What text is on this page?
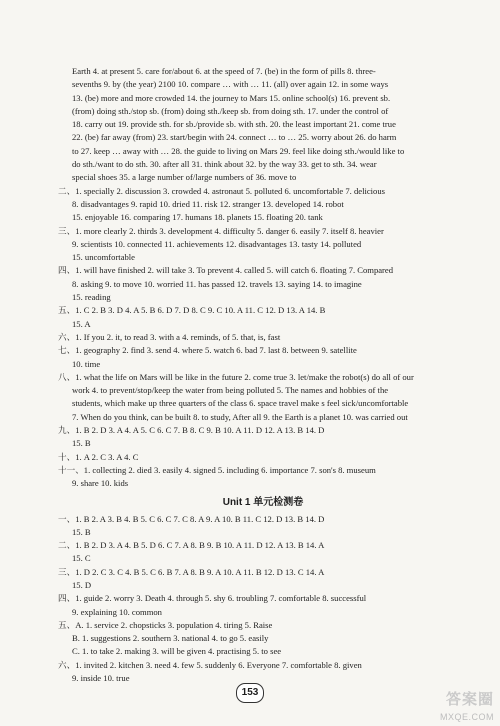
Earth 4. at present 5. care for/about 6. at the speed of 7. (be) in the form of pills 8. three-
sevenths 9. by (the year) 2100 10. compare … with … 11. (all) over again 12. in some ways
13. (be) more and more crowded 14. the journey to Mars 15. online school(s) 16. prevent sb.
(from) doing sth./stop sb. (from) doing sth./keep sb. from doing sth. 17. under the control of
18. carry out 19. provide sth. for sb./provide sb. with sth. 20. the least important 21. come true
22. (be) far away (from) 23. start/begin with 24. connect … to … 25. worry about 26. do harm
to 27. keep … away with … 28. the guide to living on Mars 29. feel like doing sth./would like to
do sth./want to do sth. 30. after all 31. think about 32. by the way 33. get to sth. 34. wear
special shoes 35. a large number of/large numbers of 36. move to
二、1. specially 2. discussion 3. crowded 4. astronaut 5. polluted 6. uncomfortable 7. delicious
8. disadvantages 9. rapid 10. dried 11. risk 12. stranger 13. developed 14. robot
15. enjoyable 16. comparing 17. humans 18. planets 15. floating 20. tank
三、1. more clearly 2. thirds 3. development 4. difficulty 5. danger 6. easily 7. itself 8. heavier
9. scientists 10. connected 11. achievements 12. disadvantages 13. tasty 14. polluted
15. uncomfortable
四、1. will have finished 2. will take 3. To prevent 4. called 5. will catch 6. floating 7. Compared
8. asking 9. to move 10. worried 11. has passed 12. travels 13. saying 14. to imagine
15. reading
五、1. C 2. B 3. D 4. A 5. B 6. D 7. D 8. C 9. C 10. A 11. C 12. D 13. A 14. B
15. A
六、1. If you 2. it, to read 3. with a 4. reminds, of 5. that, is, fast
七、1. geography 2. find 3. send 4. where 5. watch 6. bad 7. last 8. between 9. satellite
10. time
八、1. what the life on Mars will be like in the future 2. come true 3. let/make the robot(s) do all of our
work 4. to prevent/stop/keep the water from being polluted 5. The names and hobbies of the
students, which make up three quarters of the class 6. space travel make s feel sick/uncomfortable
7. When do you think, can be built 8. to study, After all 9. the Earth is a planet 10. was carried out
九、1. B 2. D 3. A 4. A 5. C 6. C 7. B 8. C 9. B 10. A 11. D 12. A 13. B 14. D
15. B
十、1. A 2. C 3. A 4. C
十一、1. collecting 2. died 3. easily 4. signed 5. including 6. importance 7. son's 8. museum
9. share 10. kids
Unit 1 单元检测卷
一、1. B 2. A 3. B 4. B 5. C 6. C 7. C 8. A 9. A 10. B 11. C 12. D 13. B 14. D
15. B
二、1. B 2. D 3. A 4. B 5. D 6. C 7. A 8. B 9. B 10. A 11. D 12. A 13. B 14. A
15. C
三、1. D 2. C 3. C 4. B 5. C 6. B 7. A 8. B 9. A 10. A 11. B 12. D 13. C 14. A
15. D
四、1. guide 2. worry 3. Death 4. through 5. shy 6. troubling 7. comfortable 8. successful
9. explaining 10. common
五、A. 1. service 2. chopsticks 3. population 4. tiring 5. Raise
B. 1. suggestions 2. southern 3. national 4. to go 5. easily
C. 1. to take 2. making 3. will be given 4. practising 5. to see
六、1. invited 2. kitchen 3. need 4. few 5. suddenly 6. Everyone 7. comfortable 8. given
9. inside 10. true
153	答案圈
MXQE.COM
